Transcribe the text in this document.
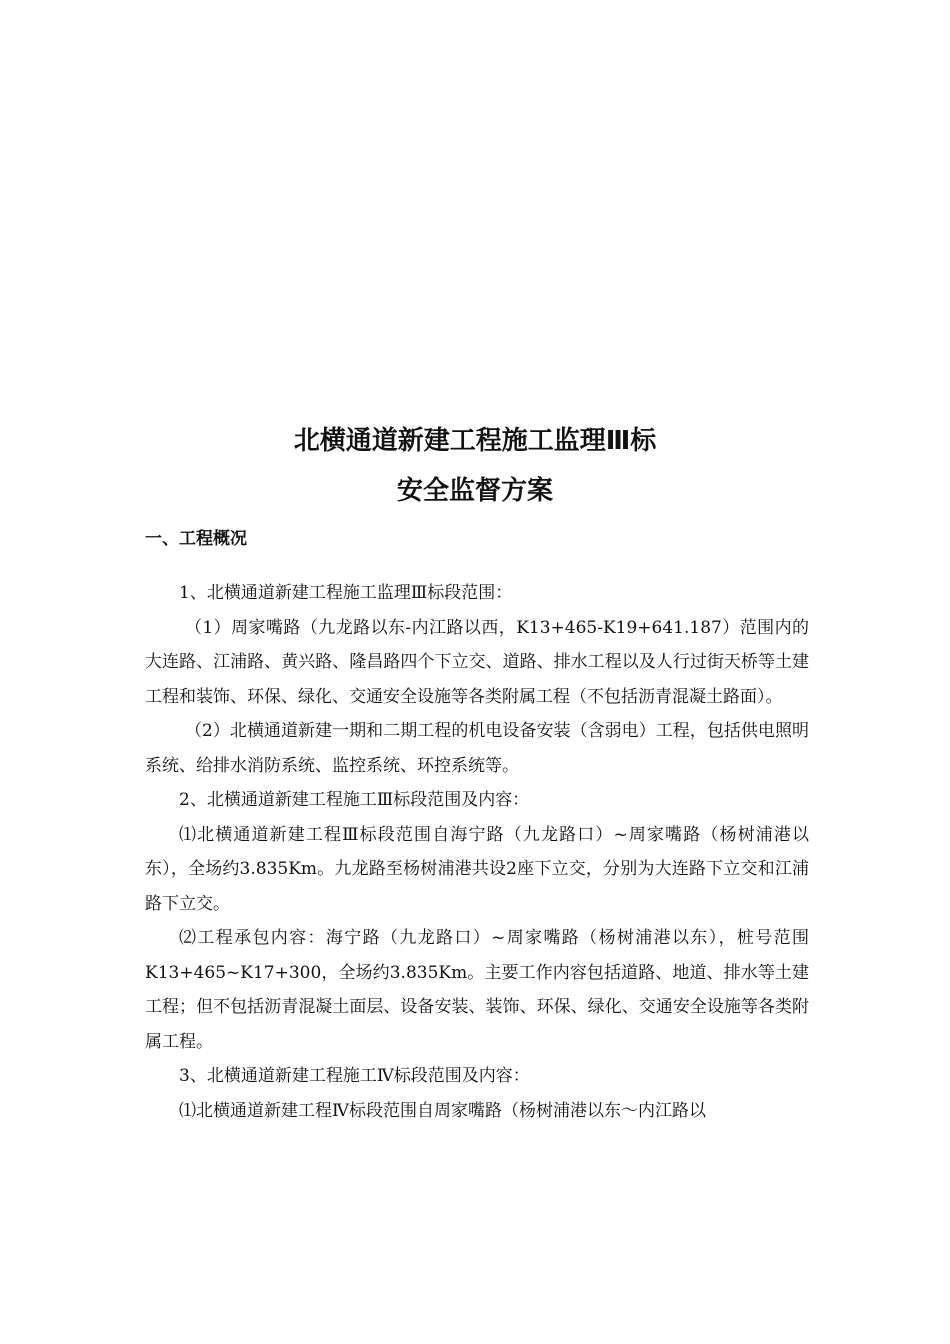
北横通道新建工程施工监理Ⅲ标
安全监督方案
一、工程概况

1、北横通道新建工程施工监理Ⅲ标段范围：

（1）周家嘴路（九龙路以东-内江路以西，K13+465-K19+641.187）范围内的大连路、江浦路、黄兴路、隆昌路四个下立交、道路、排水工程以及人行过街天桥等土建工程和装饰、环保、绿化、交通安全设施等各类附属工程（不包括沥青混凝土路面）。

（2）北横通道新建一期和二期工程的机电设备安装（含弱电）工程，包括供电照明系统、给排水消防系统、监控系统、环控系统等。

2、北横通道新建工程施工Ⅲ标段范围及内容：

⑴北横通道新建工程Ⅲ标段范围自海宁路（九龙路口）~周家嘴路（杨树浦港以东），全场约3.835Km。九龙路至杨树浦港共设2座下立交，分别为大连路下立交和江浦路下立交。

⑵工程承包内容：海宁路（九龙路口）~周家嘴路（杨树浦港以东），桩号范围K13+465~K17+300，全场约3.835Km。主要工作内容包括道路、地道、排水等土建工程；但不包括沥青混凝土面层、设备安装、装饰、环保、绿化、交通安全设施等各类附属工程。

3、北横通道新建工程施工Ⅳ标段范围及内容：

⑴北横通道新建工程Ⅳ标段范围自周家嘴路（杨树浦港以东～内江路以
